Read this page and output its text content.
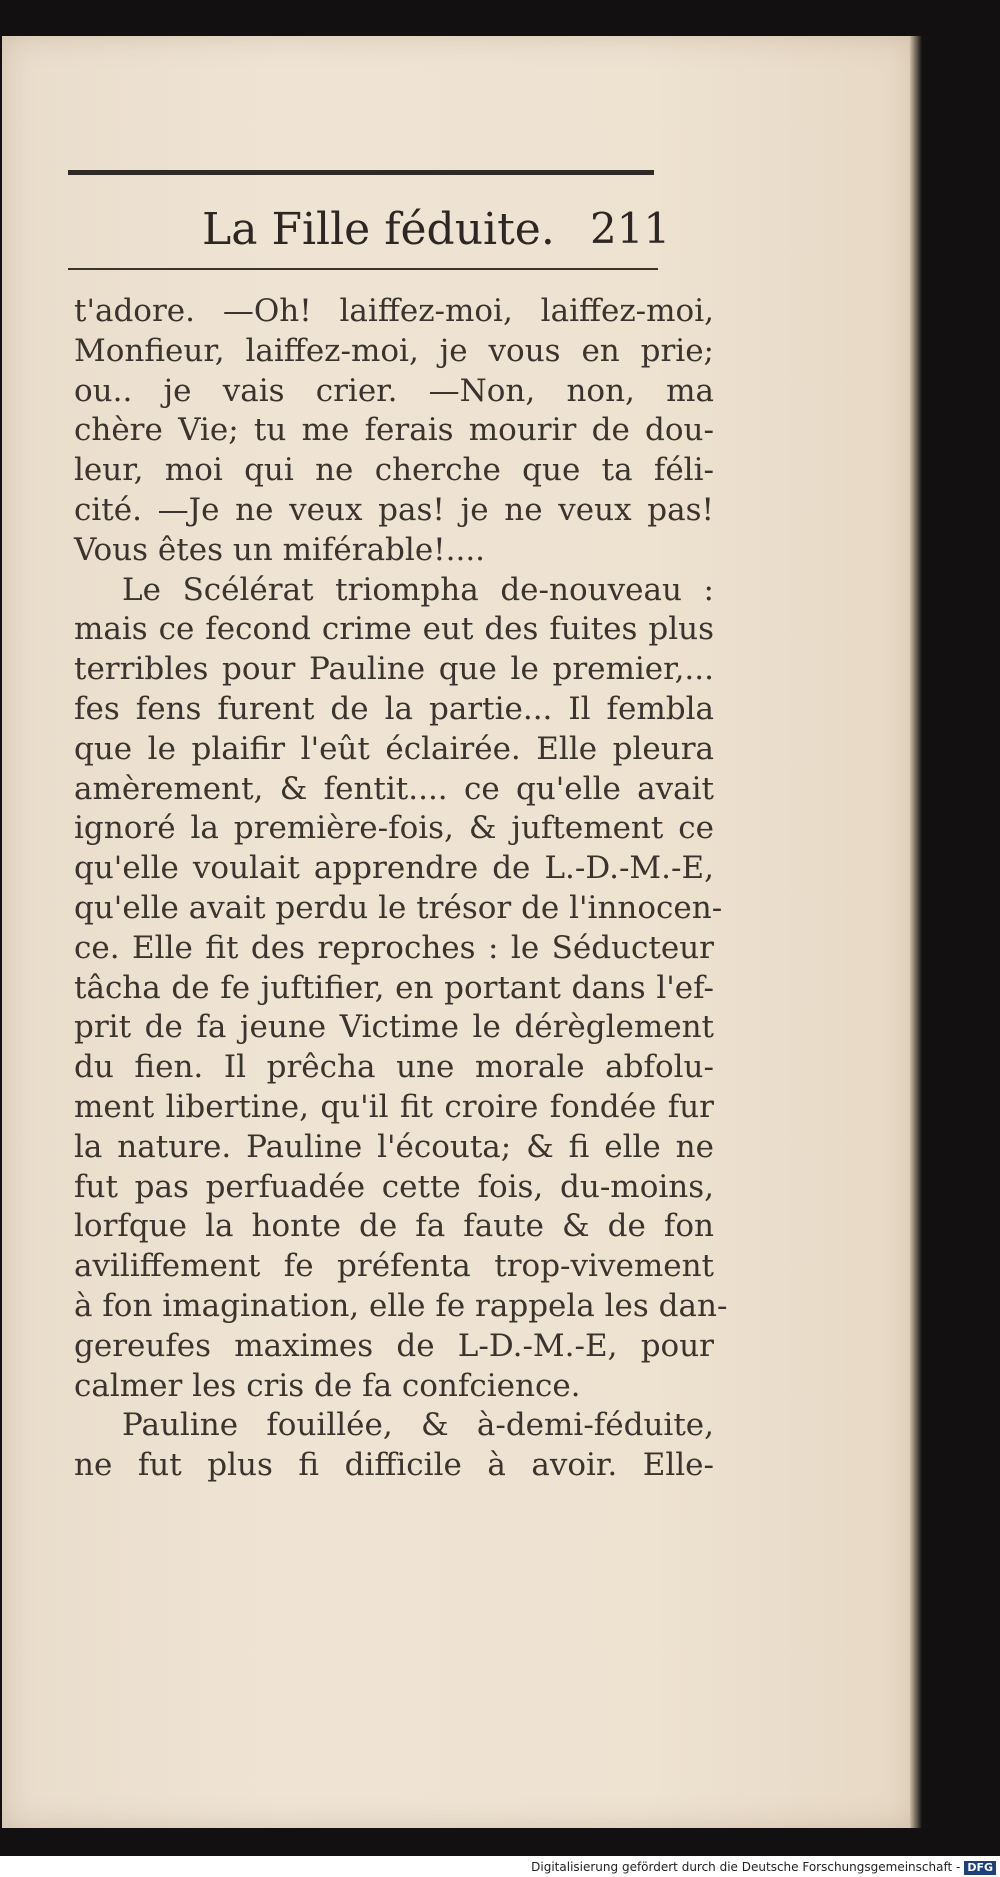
La Fille féduite. 211
t'adore. —Oh! laiffez-moi, laiffez-moi,
Monfieur, laiffez-moi, je vous en prie;
ou.. je vais crier. —Non, non, ma
chère Vie; tu me ferais mourir de dou-
leur, moi qui ne cherche que ta féli-
cité. —Je ne veux pas! je ne veux pas!
Vous êtes un miférable!....
Le Scélérat triompha de-nouveau :
mais ce fecond crime eut des fuites plus
terribles pour Pauline que le premier,...
fes fens furent de la partie... Il fembla
que le plaifir l'eût éclairée. Elle pleura
amèrement, & fentit.... ce qu'elle avait
ignoré la première-fois, & juftement ce
qu'elle voulait apprendre de L.-D.-M.-E,
qu'elle avait perdu le trésor de l'innocen-
ce. Elle fit des reproches : le Séducteur
tâcha de fe juftifier, en portant dans l'ef-
prit de fa jeune Victime le dérèglement
du fien. Il prêcha une morale abfolu-
ment libertine, qu'il fit croire fondée fur
la nature. Pauline l'écouta; & fi elle ne
fut pas perfuadée cette fois, du-moins,
lorfque la honte de fa faute & de fon
aviliffement fe préfenta trop-vivement
à fon imagination, elle fe rappela les dan-
gereufes maximes de L-D.-M.-E, pour
calmer les cris de fa confcience.
Pauline fouillée, & à-demi-féduite,
ne fut plus fi difficile à avoir. Elle-
Digitalisierung gefördert durch die Deutsche Forschungsgemeinschaft - DFG
